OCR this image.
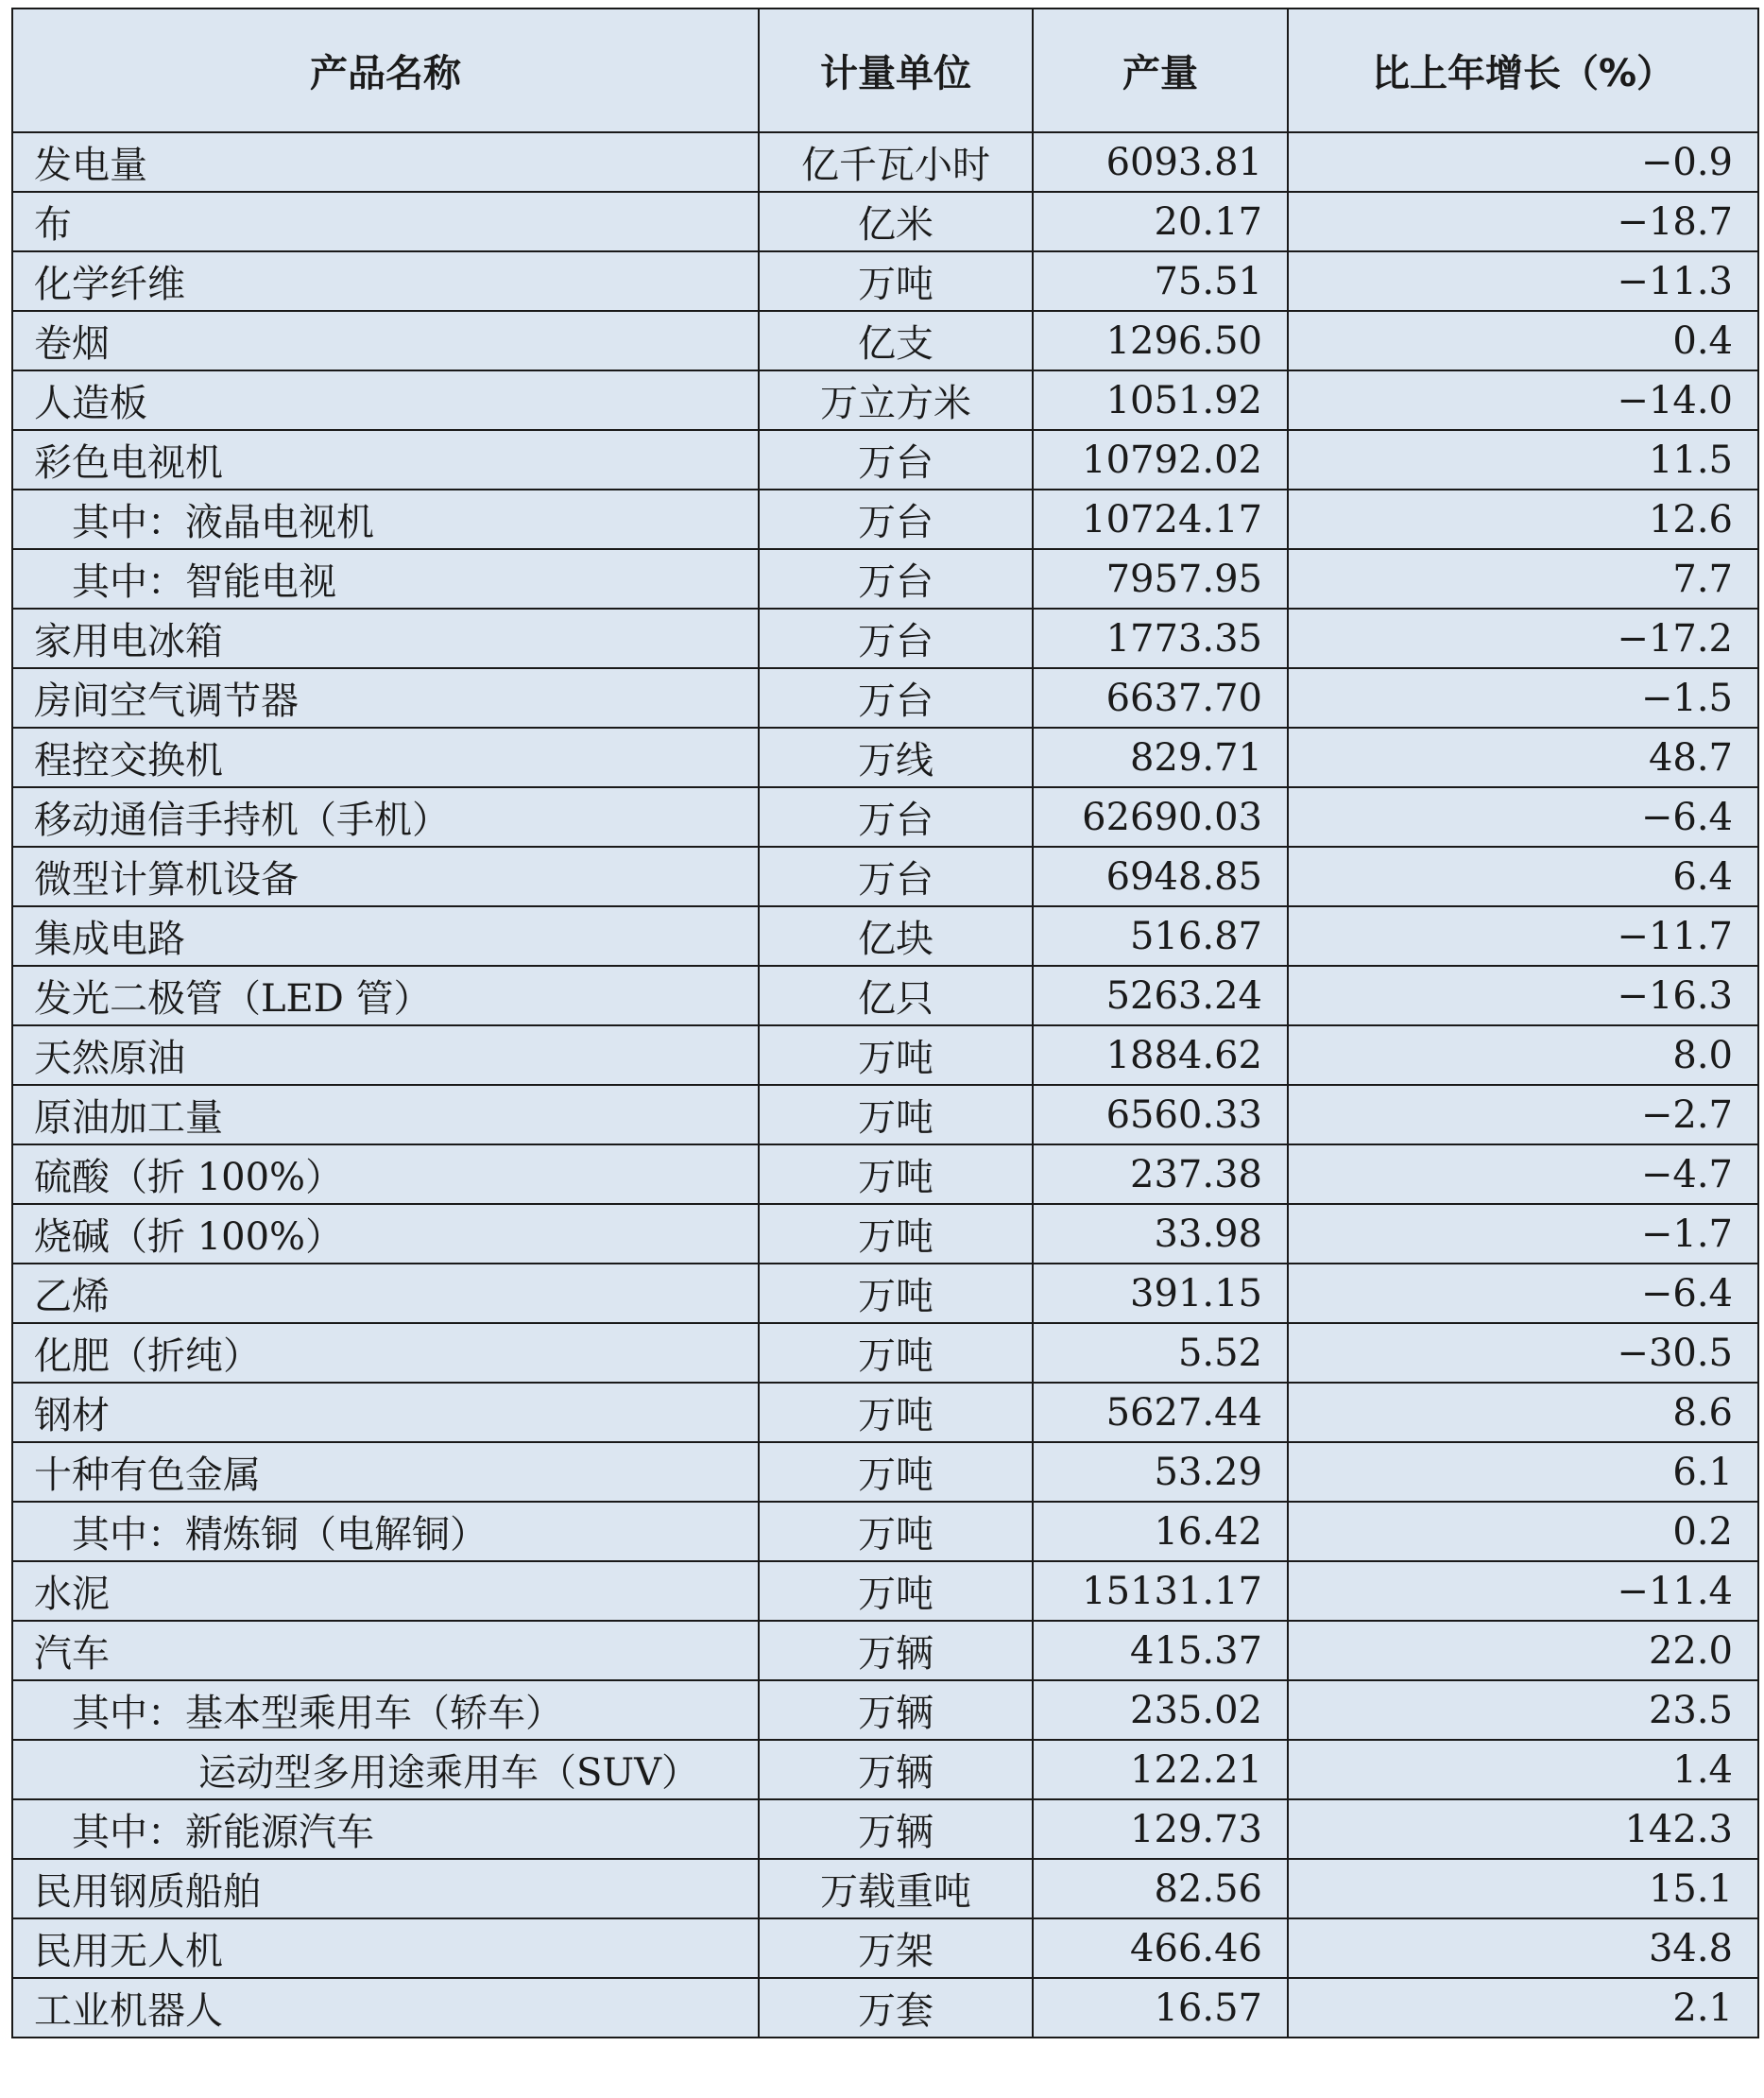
产品名称	计量单位	产量	比上年增长（%）
发电量	亿千瓦小时	6093.81	−0.9
布	亿米	20.17	−18.7
化学纤维	万吨	75.51	−11.3
卷烟	亿支	1296.50	0.4
人造板	万立方米	1051.92	−14.0
彩色电视机	万台	10792.02	11.5
其中：液晶电视机	万台	10724.17	12.6
其中：智能电视	万台	7957.95	7.7
家用电冰箱	万台	1773.35	−17.2
房间空气调节器	万台	6637.70	−1.5
程控交换机	万线	829.71	48.7
移动通信手持机（手机）	万台	62690.03	−6.4
微型计算机设备	万台	6948.85	6.4
集成电路	亿块	516.87	−11.7
发光二极管（LED 管）	亿只	5263.24	−16.3
天然原油	万吨	1884.62	8.0
原油加工量	万吨	6560.33	−2.7
硫酸（折 100%）	万吨	237.38	−4.7
烧碱（折 100%）	万吨	33.98	−1.7
乙烯	万吨	391.15	−6.4
化肥（折纯）	万吨	5.52	−30.5
钢材	万吨	5627.44	8.6
十种有色金属	万吨	53.29	6.1
其中：精炼铜（电解铜）	万吨	16.42	0.2
水泥	万吨	15131.17	−11.4
汽车	万辆	415.37	22.0
其中：基本型乘用车（轿车）	万辆	235.02	23.5
运动型多用途乘用车（SUV）	万辆	122.21	1.4
其中：新能源汽车	万辆	129.73	142.3
民用钢质船舶	万载重吨	82.56	15.1
民用无人机	万架	466.46	34.8
工业机器人	万套	16.57	2.1
